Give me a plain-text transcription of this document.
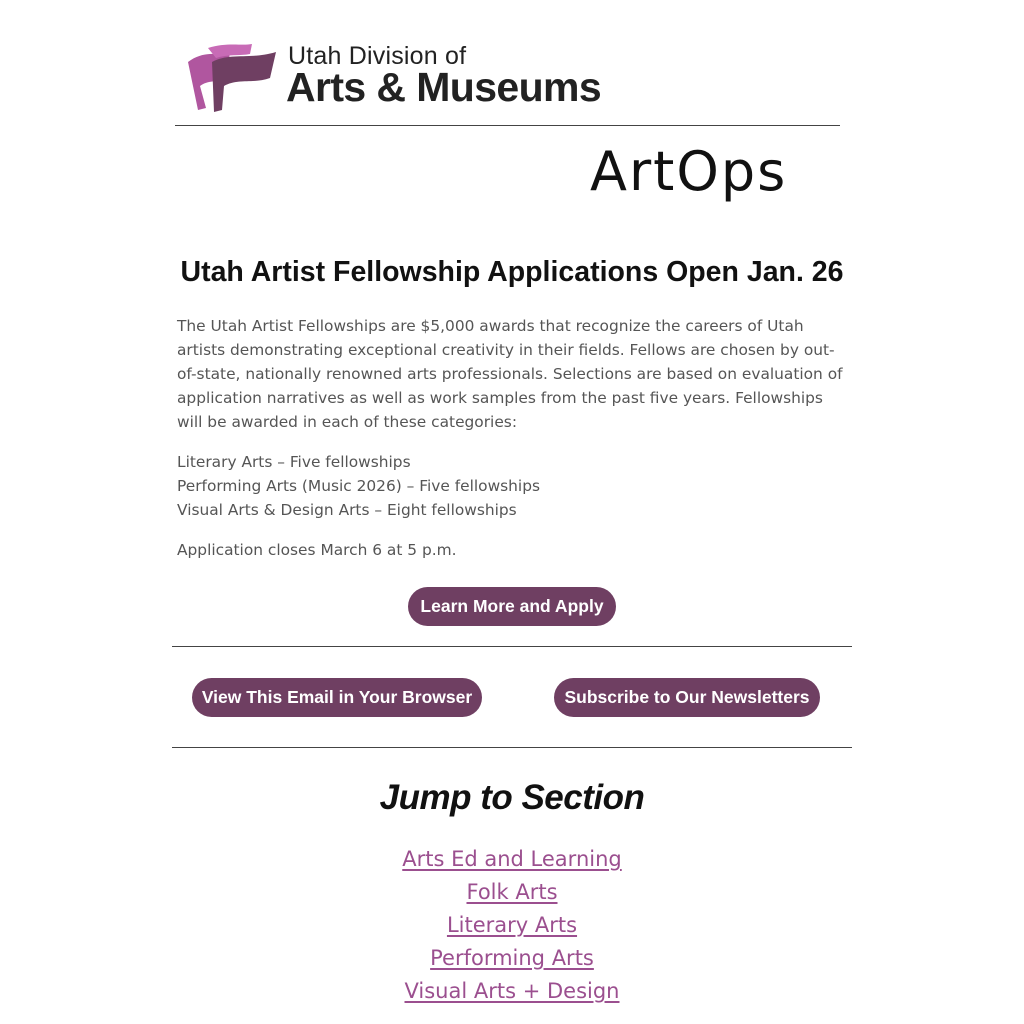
Utah Division of
Arts & Museums
ArtOps
Utah Artist Fellowship Applications Open Jan. 26
The Utah Artist Fellowships are $5,000 awards that recognize the careers of Utah artists demonstrating exceptional creativity in their fields. Fellows are chosen by out-of-state, nationally renowned arts professionals. Selections are based on evaluation of application narratives as well as work samples from the past five years. Fellowships will be awarded in each of these categories:
Literary Arts – Five fellowships
Performing Arts (Music 2026) – Five fellowships
Visual Arts & Design Arts – Eight fellowships
Application closes March 6 at 5 p.m.
Learn More and Apply
View This Email in Your Browser	Subscribe to Our Newsletters
Jump to Section
Arts Ed and Learning
Folk Arts
Literary Arts
Performing Arts
Visual Arts + Design
